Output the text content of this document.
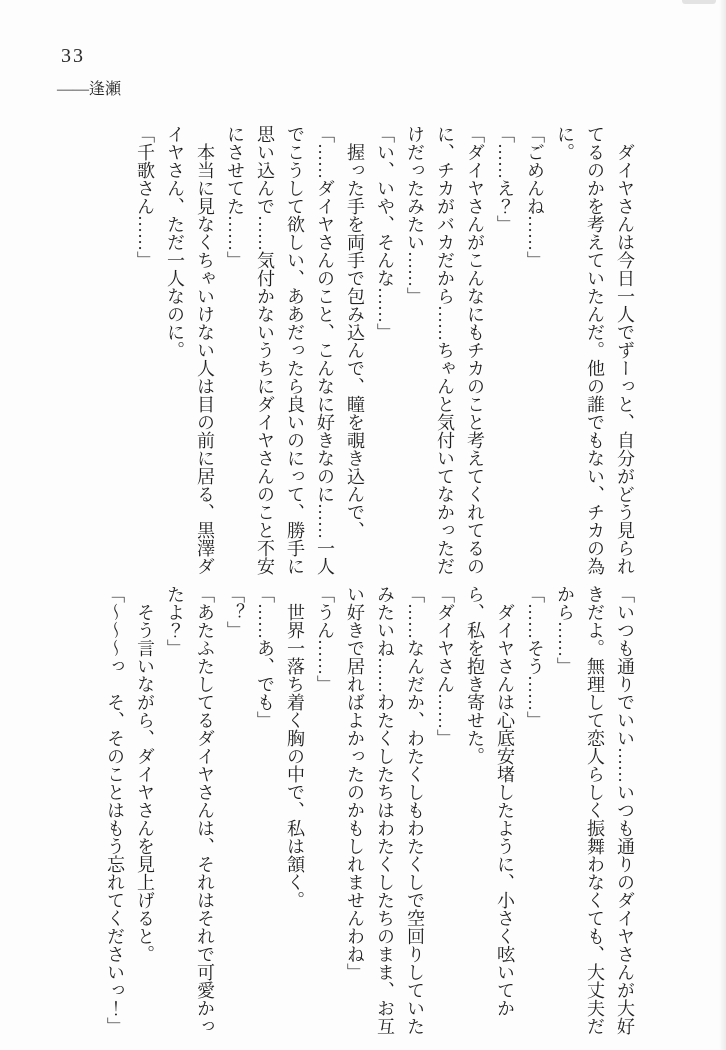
33
――逢瀬

　ダイヤさんは今日一人でずーっと、自分がどう見られてるのかを考えていたんだ。他の誰でもない、チカの為に。

「ごめんね……」

「……え？」

「ダイヤさんがこんなにもチカのこと考えてくれてるのに、チカがバカだから……ちゃんと気付いてなかっただけだったみたい……」

「い、いや、そんな……」

　握った手を両手で包み込んで、瞳を覗き込んで、

「……ダイヤさんのこと、こんなに好きなのに……一人でこうして欲しい、ああだったら良いのにって、勝手に思い込んで……気付かないうちにダイヤさんのこと不安にさせてた……」

　本当に見なくちゃいけない人は目の前に居る、黒澤ダイヤさん、ただ一人なのに。

「千歌さん……」

「いつも通りでいい……いつも通りのダイヤさんが大好きだよ。無理して恋人らしく振舞わなくても、大丈夫だから……」

「……そう……」

　ダイヤさんは心底安堵したように、小さく呟いてから、私を抱き寄せた。

「ダイヤさん……」

「……なんだか、わたくしもわたくしで空回りしていたみたいね……わたくしたちはわたくしたちのまま、お互い好きで居ればよかったのかもしれませんわね」

「うん……」

　世界一落ち着く胸の中で、私は頷く。

「……あ、でも」

「？」

「あたふたしてるダイヤさんは、それはそれで可愛かったよ？」

　そう言いながら、ダイヤさんを見上げると。

「〜〜〜っ　そ、そのことはもう忘れてくださいっ！」
